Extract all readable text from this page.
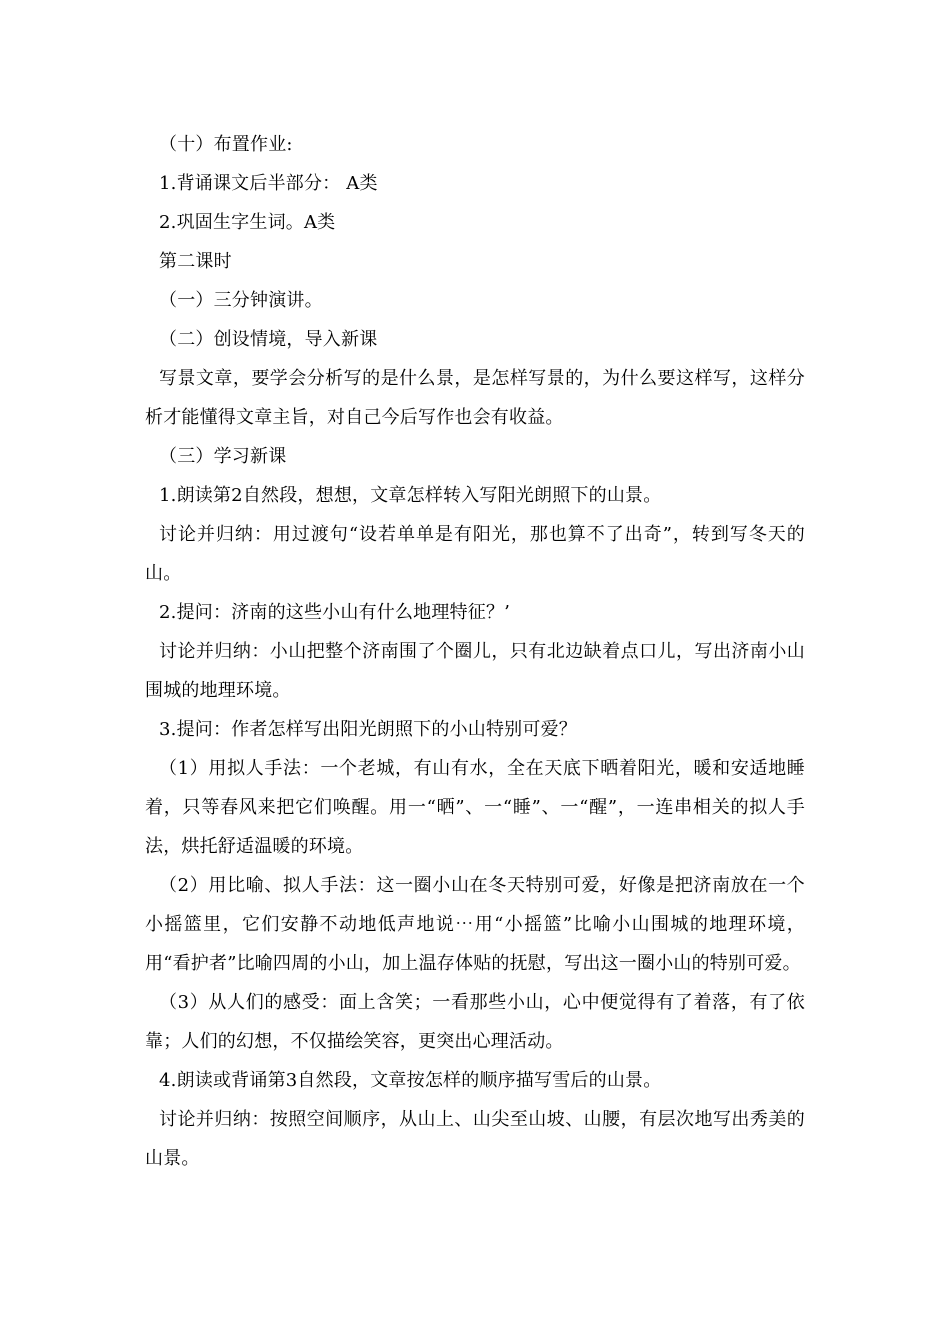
（十）布置作业:

1.背诵课文后半部分： A类

2.巩固生字生词。A类

第二课时

（一）三分钟演讲。

（二）创设情境，导入新课

写景文章，要学会分析写的是什么景，是怎样写景的，为什么要这样写，这样分析才能懂得文章主旨，对自己今后写作也会有收益。

（三）学习新课

1.朗读第2自然段，想想，文章怎样转入写阳光朗照下的山景。

讨论并归纳：用过渡句“设若单单是有阳光，那也算不了出奇”，转到写冬天的山。

2.提问：济南的这些小山有什么地理特征？’

讨论并归纳：小山把整个济南围了个圈儿，只有北边缺着点口儿，写出济南小山围城的地理环境。

3.提问：作者怎样写出阳光朗照下的小山特别可爱？

（1）用拟人手法：一个老城，有山有水，全在天底下晒着阳光，暖和安适地睡着，只等春风来把它们唤醒。用一“晒”、一“睡”、一“醒”，一连串相关的拟人手法，烘托舒适温暖的环境。

（2）用比喻、拟人手法：这一圈小山在冬天特别可爱，好像是把济南放在一个小摇篮里，它们安静不动地低声地说⋯用“小摇篮”比喻小山围城的地理环境，用“看护者”比喻四周的小山，加上温存体贴的抚慰，写出这一圈小山的特别可爱。

（3）从人们的感受：面上含笑；一看那些小山，心中便觉得有了着落，有了依靠；人们的幻想，不仅描绘笑容，更突出心理活动。

4.朗读或背诵第3自然段，文章按怎样的顺序描写雪后的山景。

讨论并归纳：按照空间顺序，从山上、山尖至山坡、山腰，有层次地写出秀美的山景。
